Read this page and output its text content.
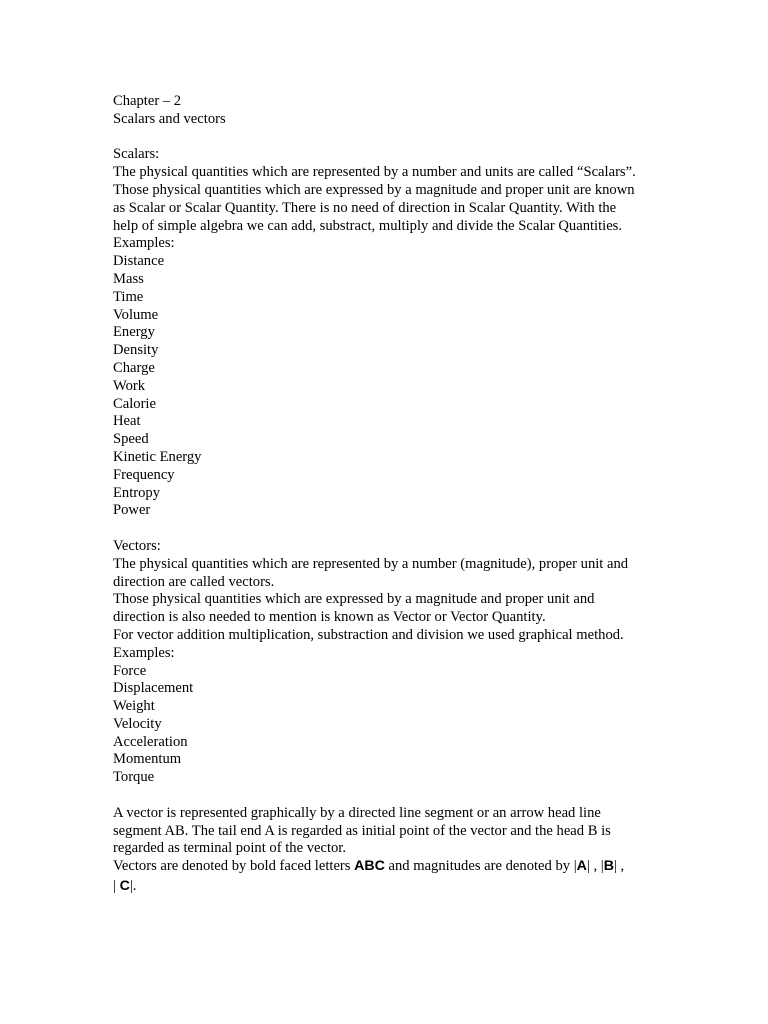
Chapter – 2
Scalars and vectors
Scalars:
The physical quantities which are represented by a number and units are called “Scalars”.
Those physical quantities which are expressed by a magnitude and proper unit are known
as Scalar or Scalar Quantity. There is no need of direction in Scalar Quantity. With the
help of simple algebra we can add, substract, multiply and divide the Scalar Quantities.
Examples:
Distance
Mass
Time
Volume
Energy
Density
Charge
Work
Calorie
Heat
Speed
Kinetic Energy
Frequency
Entropy
Power
Vectors:
The physical quantities which are represented by a number (magnitude), proper unit and
direction are called vectors.
Those physical quantities which are expressed by a magnitude and proper unit and
direction is also needed to mention is known as Vector or Vector Quantity.
For vector addition multiplication, substraction and division we used graphical method.
Examples:
Force
Displacement
Weight
Velocity
Acceleration
Momentum
Torque
A vector is represented graphically by a directed line segment or an arrow head line
segment AB. The tail end A is regarded as initial point of the vector and the head B is
regarded as terminal point of the vector.
Vectors are denoted by bold faced letters ABC and magnitudes are denoted by |A| , |B| ,
| C|.
